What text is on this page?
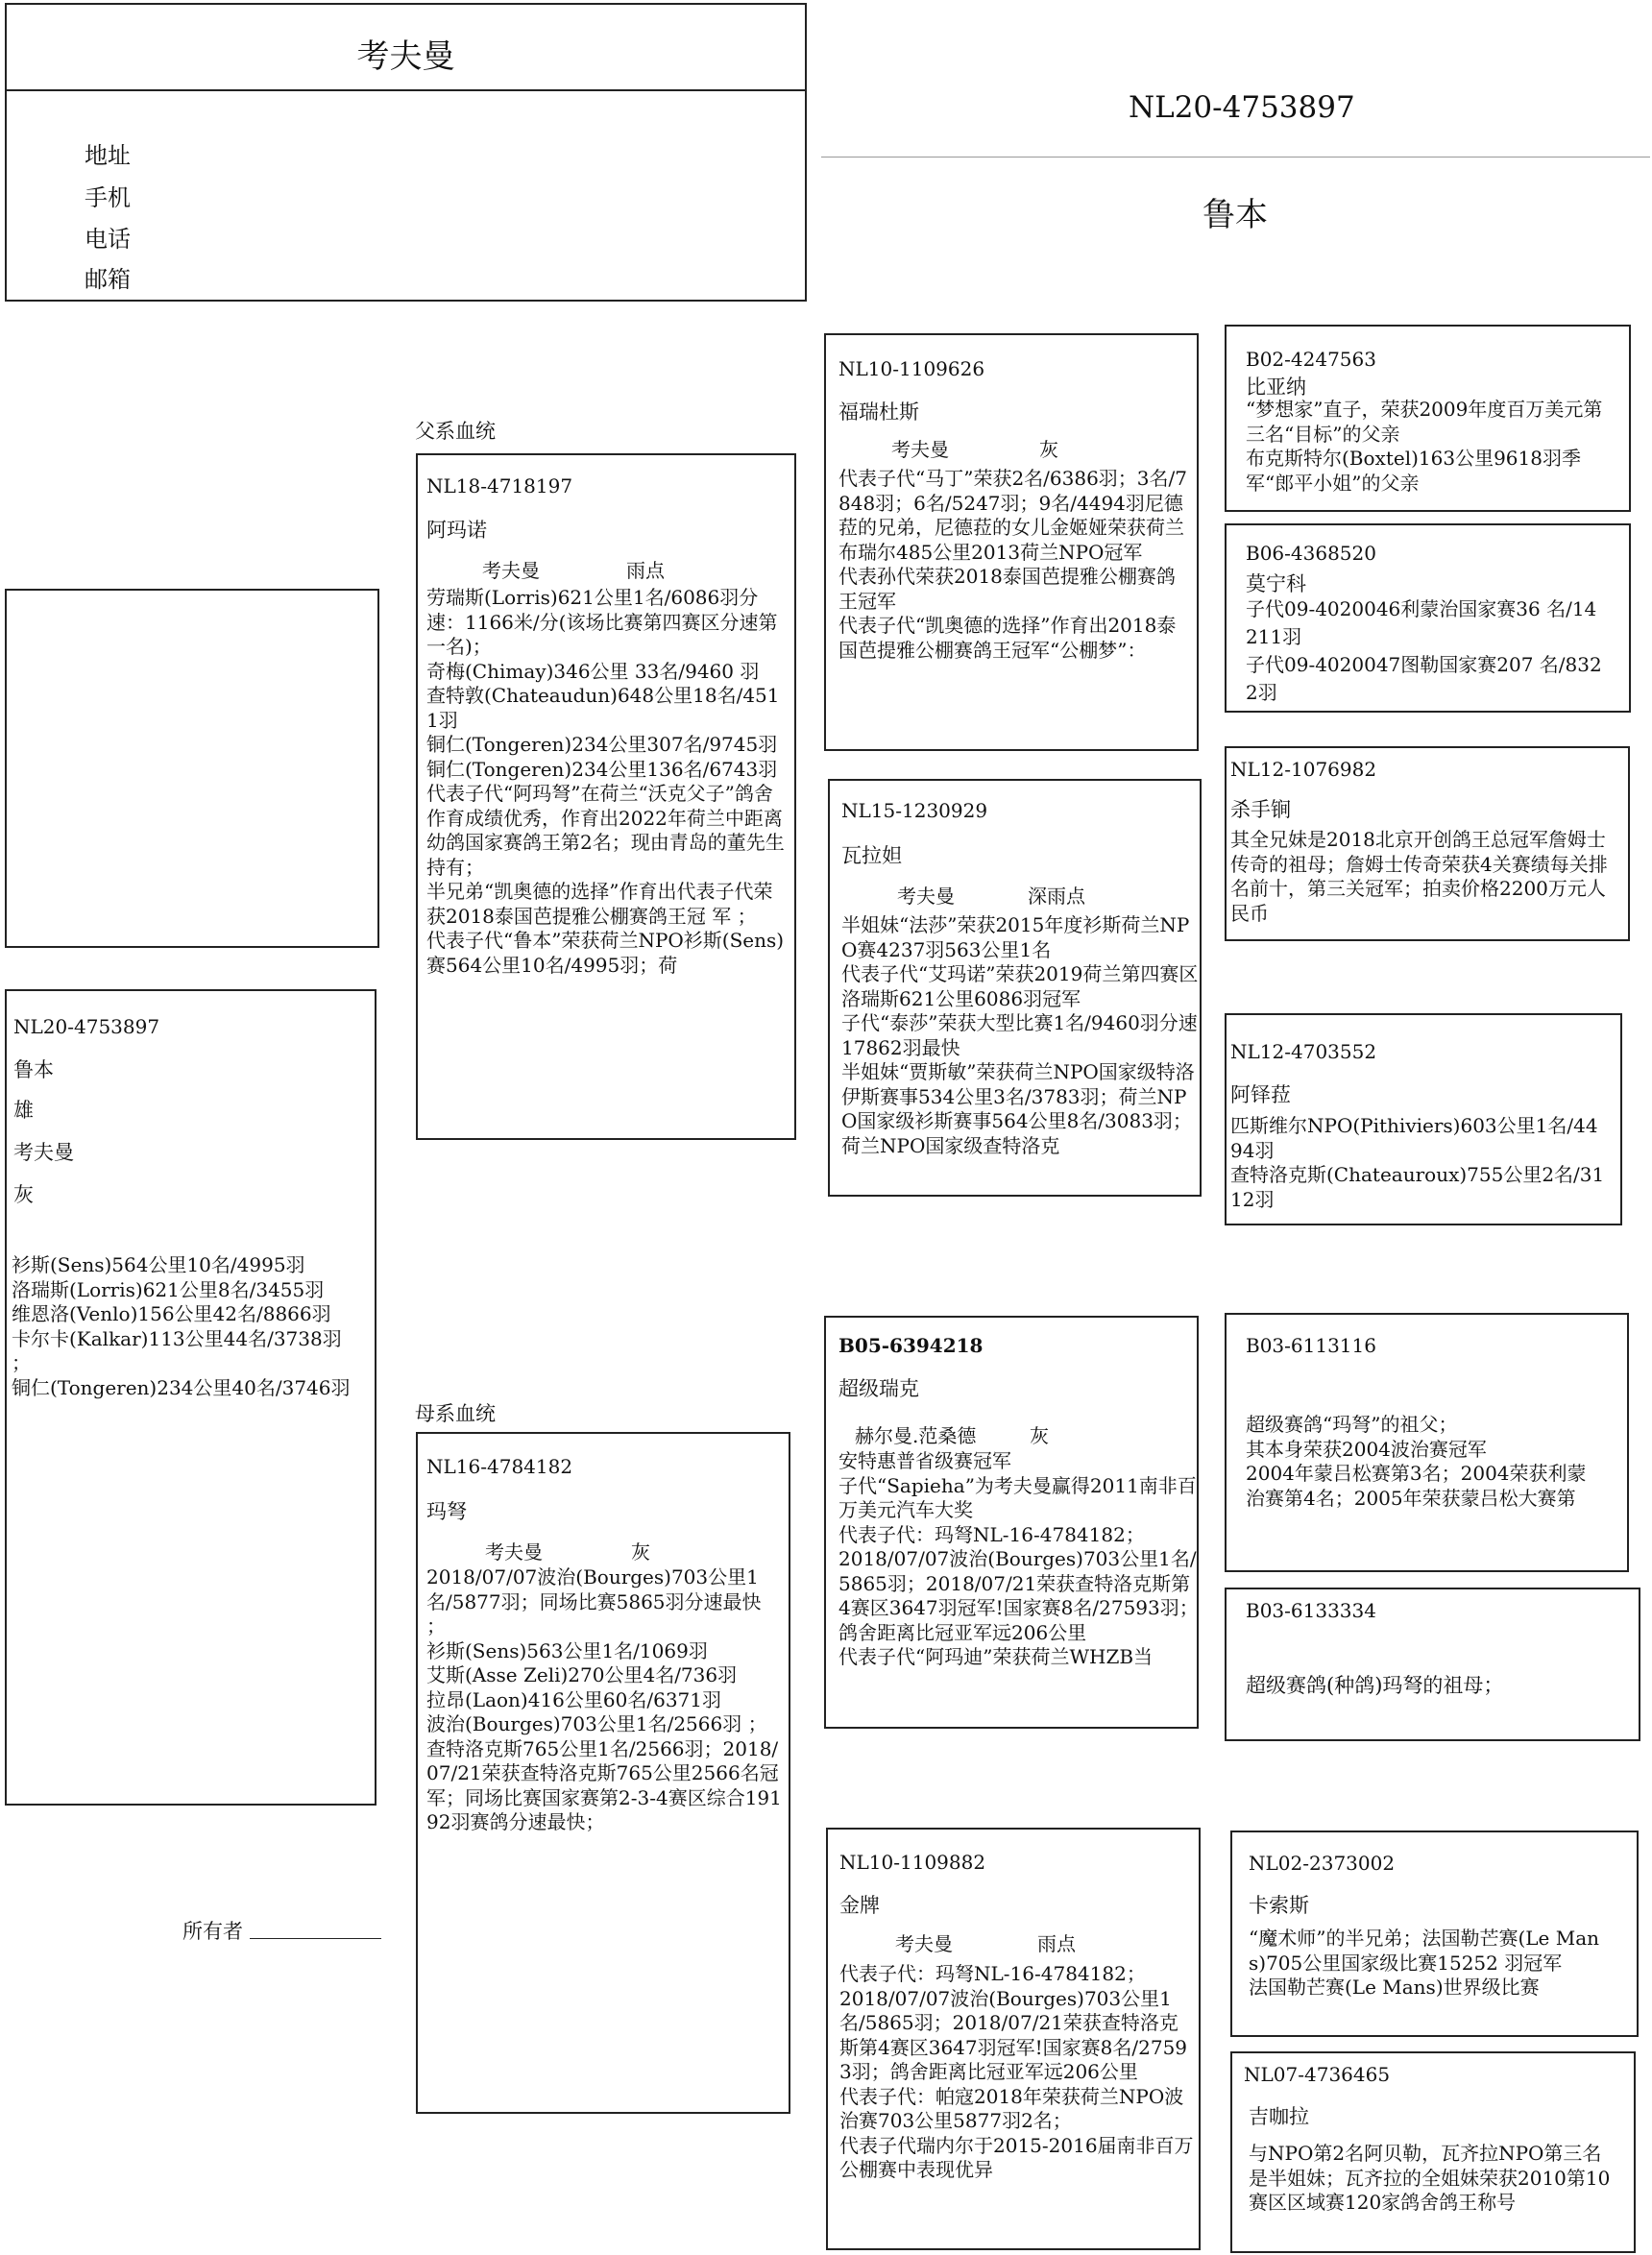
考夫曼
地址
手机
电话
邮箱
NL20-4753897
鲁本
NL20-4753897
鲁本
雄
考夫曼
灰
衫斯(Sens)564公里10名/4995羽
洛瑞斯(Lorris)621公里8名/3455羽
维恩洛(Venlo)156公里42名/8866羽
卡尔卡(Kalkar)113公里44名/3738羽 ；
铜仁(Tongeren)234公里40名/3746羽
所有者
父系血统
母系血统
NL18-4718197
阿玛诺
考夫曼	雨点
劳瑞斯(Lorris)621公里1名/6086羽分速：1166米/分(该场比赛第四赛区分速第一名)；
奇梅(Chimay)346公里 33名/9460 羽
查特敦(Chateaudun)648公里18名/4511羽
铜仁(Tongeren)234公里307名/9745羽
铜仁(Tongeren)234公里136名/6743羽
代表子代“阿玛弩”在荷兰“沃克父子”鸽舍作育成绩优秀，作育出2022年荷兰中距离幼鸽国家赛鸽王第2名；现由青岛的董先生持有；
半兄弟“凯奥德的选择”作育出代表子代荣获2018泰国芭提雅公棚赛鸽王冠 军 ；
代表子代“鲁本”荣获荷兰NPO衫斯(Sens)赛564公里10名/4995羽；荷
NL16-4784182
玛弩
考夫曼	灰
2018/07/07波治(Bourges)703公里1名/5877羽；同场比赛5865羽分速最快 ；
衫斯(Sens)563公里1名/1069羽
艾斯(Asse Zeli)270公里4名/736羽
拉昂(Laon)416公里60名/6371羽
波治(Bourges)703公里1名/2566羽 ；
查特洛克斯765公里1名/2566羽；2018/07/21荣获查特洛克斯765公里2566名冠军；同场比赛国家赛第2-3-4赛区综合19192羽赛鸽分速最快；
NL10-1109626
福瑞杜斯
考夫曼	灰
代表子代“马丁”荣获2名/6386羽；3名/7848羽；6名/5247羽；9名/4494羽尼德菈的兄弟，尼德菈的女儿金姬娅荣获荷兰布瑞尔485公里2013荷兰NPO冠军
代表孙代荣获2018泰国芭提雅公棚赛鸽王冠军
代表子代“凯奥德的选择”作育出2018泰国芭提雅公棚赛鸽王冠军“公棚梦”：
NL15-1230929
瓦拉妲
考夫曼	深雨点
半姐妹“法莎”荣获2015年度衫斯荷兰NPO赛4237羽563公里1名
代表子代“艾玛诺”荣获2019荷兰第四赛区洛瑞斯621公里6086羽冠军
子代“泰莎”荣获大型比赛1名/9460羽分速17862羽最快
半姐妹“贾斯敏”荣获荷兰NPO国家级特洛伊斯赛事534公里3名/3783羽；荷兰NPO国家级衫斯赛事564公里8名/3083羽；荷兰NPO国家级查特洛克
B05-6394218
超级瑞克
赫尔曼.范桑德	灰
安特惠普省级赛冠军
子代“Sapieha”为考夫曼赢得2011南非百万美元汽车大奖
代表子代：玛弩NL-16-4784182；
2018/07/07波治(Bourges)703公里1名/5865羽；2018/07/21荣获查特洛克斯第4赛区3647羽冠军!国家赛8名/27593羽；鸽舍距离比冠亚军远206公里
代表子代“阿玛迪”荣获荷兰WHZB当
NL10-1109882
金牌
考夫曼	雨点
代表子代：玛弩NL-16-4784182；
2018/07/07波治(Bourges)703公里1名/5865羽；2018/07/21荣获查特洛克斯第4赛区3647羽冠军!国家赛8名/27593羽；鸽舍距离比冠亚军远206公里
代表子代：帕寇2018年荣获荷兰NPO波治赛703公里5877羽2名；
代表子代瑞内尔于2015-2016届南非百万公棚赛中表现优异
B02-4247563
比亚纳
“梦想家”直子，荣获2009年度百万美元第三名“目标”的父亲
布克斯特尔(Boxtel)163公里9618羽季军“郎平小姐”的父亲
B06-4368520
莫宁科
子代09-4020046利蒙治国家赛36 名/14211羽
子代09-4020047图勒国家赛207 名/8322羽
NL12-1076982
杀手锏
其全兄妹是2018北京开创鸽王总冠军詹姆士传奇的祖母；詹姆士传奇荣获4关赛绩每关排名前十，第三关冠军；拍卖价格2200万元人民币
NL12-4703552
阿铎菈
匹斯维尔NPO(Pithiviers)603公里1名/4494羽
查特洛克斯(Chateauroux)755公里2名/3112羽
B03-6113116
超级赛鸽“玛弩”的祖父；
其本身荣获2004波治赛冠军
2004年蒙吕松赛第3名；2004荣获利蒙 治赛第4名；2005年荣获蒙吕松大赛第
B03-6133334
超级赛鸽(种鸽)玛弩的祖母；
NL02-2373002
卡索斯
“魔术师”的半兄弟；法国勒芒赛(Le Mans)705公里国家级比赛15252 羽冠军
法国勒芒赛(Le Mans)世界级比赛
NL07-4736465
吉咖拉
与NPO第2名阿贝勒，瓦齐拉NPO第三名是半姐妹；瓦齐拉的全姐妹荣获2010第10赛区区域赛120家鸽舍鸽王称号
